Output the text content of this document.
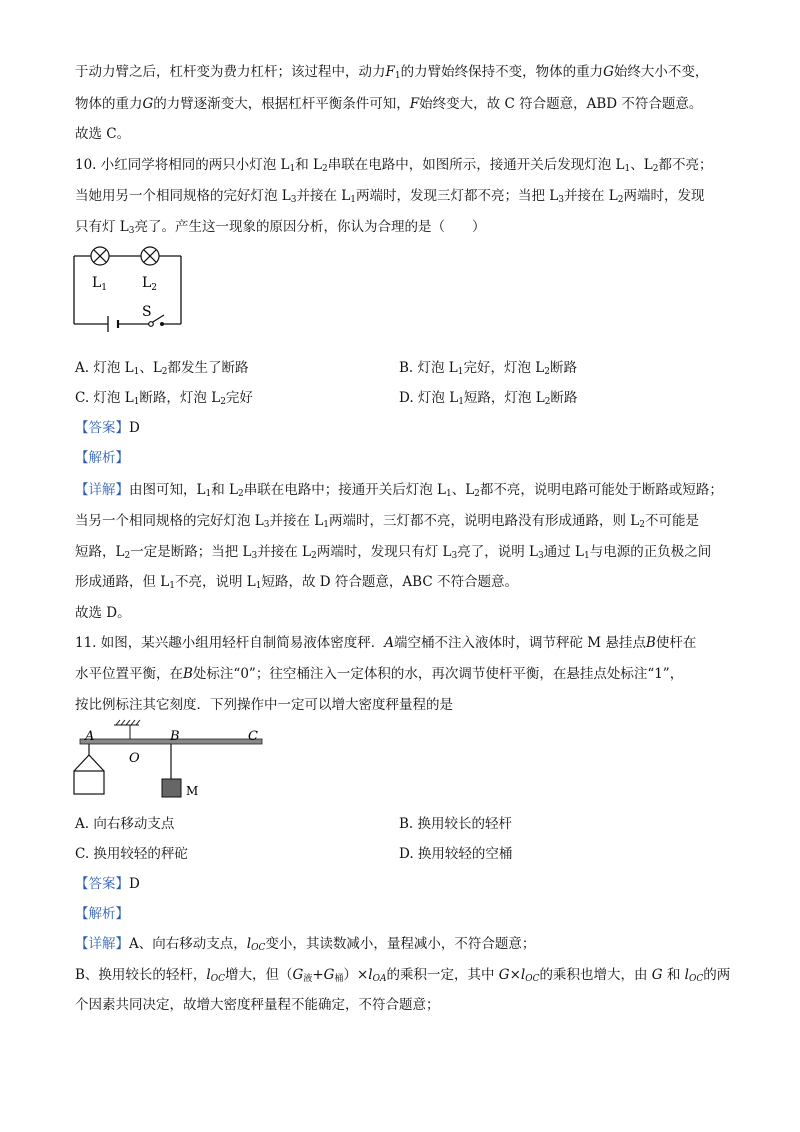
于动力臂之后，杠杆变为费力杠杆；该过程中，动力$F_1$的力臂始终保持不变，物体的重力G始终大小不变，
物体的重力G的力臂逐渐变大，根据杠杆平衡条件可知，F始终变大，故 C 符合题意，ABD 不符合题意。
故选 C。
10. 小红同学将相同的两只小灯泡 $L_1$和 $L_2$串联在电路中，如图所示，接通开关后发现灯泡 $L_1$、$L_2$都不亮；
当她用另一个相同规格的完好灯泡 $L_3$并接在 $L_1$两端时，发现三灯都不亮；当把 $L_3$并接在 $L_2$两端时，发现
只有灯 $L_3$亮了。产生这一现象的原因分析，你认为合理的是（　　）
$L_1$ $L_2$
S
A. 灯泡 $L_1$、$L_2$都发生了断路	B. 灯泡 $L_1$完好，灯泡 $L_2$断路
C. 灯泡 $L_1$断路，灯泡 $L_2$完好	D. 灯泡 $L_1$短路，灯泡 $L_2$断路
【答案】D
【解析】
【详解】由图可知，$L_1$和 $L_2$串联在电路中；接通开关后灯泡 $L_1$、$L_2$都不亮，说明电路可能处于断路或短路；
当另一个相同规格的完好灯泡 $L_3$并接在 $L_1$两端时，三灯都不亮，说明电路没有形成通路，则 $L_2$不可能是
短路，$L_2$一定是断路；当把 $L_3$并接在 $L_2$两端时，发现只有灯 $L_3$亮了，说明 $L_3$通过 $L_1$与电源的正负极之间
形成通路，但 $L_1$不亮，说明 $L_1$短路，故 D 符合题意，ABC 不符合题意。
故选 D。
11. 如图，某兴趣小组用轻杆自制简易液体密度秤．A端空桶不注入液体时，调节秤砣 M 悬挂点B使杆在
水平位置平衡，在B处标注“0”；往空桶注入一定体积的水，再次调节使杆平衡，在悬挂点处标注“1”，
按比例标注其它刻度．下列操作中一定可以增大密度秤量程的是
A	B	C
O
M
A. 向右移动支点	B. 换用较长的轻杆
C. 换用较轻的秤砣	D. 换用较轻的空桶
【答案】D
【解析】
【详解】A、向右移动支点，$l_{OC}$变小，其读数减小，量程减小，不符合题意；
B、换用较长的轻杆，$l_{OC}$增大，但$(G_液+G_桶)\times l_{OA}$的乘积一定，其中 $G\times l_{OC}$的乘积也增大，由 G 和 $l_{OC}$的两
个因素共同决定，故增大密度秤量程不能确定，不符合题意；
